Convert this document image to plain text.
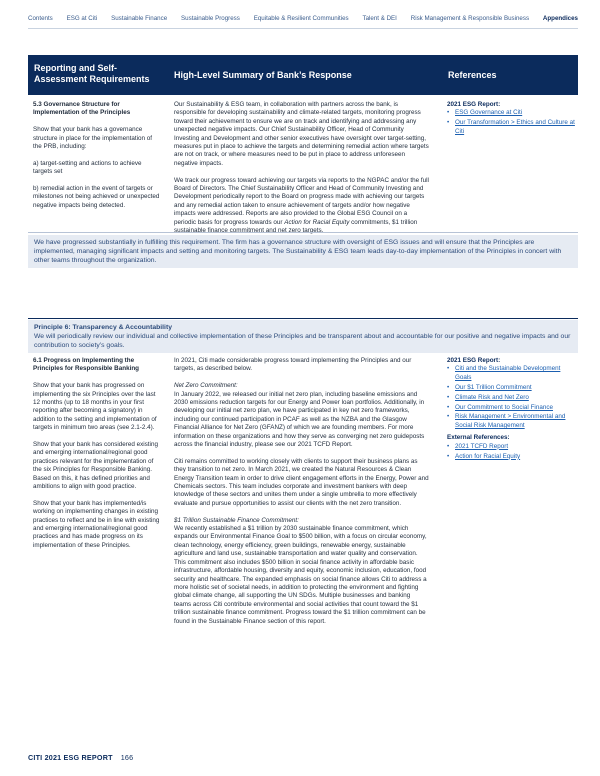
Contents ESG at Citi Sustainable Finance Sustainable Progress Equitable & Resilient Communities Talent & DEI Risk Management & Responsible Business Appendices
Reporting and Self-Assessment Requirements	High-Level Summary of Bank’s Response	References

5.3 Governance Structure for Implementation of the Principles

Show that your bank has a governance structure in place for the implementation of the PRB, including:

a) target-setting and actions to achieve targets set

b) remedial action in the event of targets or milestones not being achieved or unexpected negative impacts being detected.

Our Sustainability & ESG team, in collaboration with partners across the bank, is responsible for developing sustainability and climate-related targets, monitoring progress toward their achievement to ensure we are on track and identifying and addressing any unexpected negative impacts. Our Chief Sustainability Officer, Head of Community Investing and Development and other senior executives have oversight over target-setting, measures put in place to achieve the targets and determining remedial action where targets are not on track, or where measures need to be put in place to address unforeseen negative impacts.

We track our progress toward achieving our targets via reports to the NGPAC and/or the full Board of Directors. The Chief Sustainability Officer and Head of Community Investing and Development periodically report to the Board on progress made with achieving our targets and any remedial action taken to ensure achievement of targets and/or how negative impacts were addressed. Reports are also provided to the Global ESG Council on a periodic basis for progress towards our Action for Racial Equity commitments, $1 trillion sustainable finance commitment and net zero targets.

2021 ESG Report:

• ESG Governance at Citi
• Our Transformation > Ethics and Culture at Citi
We have progressed substantially in fulfilling this requirement. The firm has a governance structure with oversight of ESG issues and will ensure that the Principles are implemented, managing significant impacts and setting and monitoring targets. The Sustainability & ESG team leads day-to-day implementation of the Principles in concert with other teams throughout the organization.

Principle 6: Transparency & Accountability

We will periodically review our individual and collective implementation of these Principles and be transparent about and accountable for our positive and negative impacts and our contribution to society’s goals.

6.1 Progress on Implementing the Principles for Responsible Banking

Show that your bank has progressed on implementing the six Principles over the last 12 months (up to 18 months in your first reporting after becoming a signatory) in addition to the setting and implementation of targets in minimum two areas (see 2.1-2.4).

Show that your bank has considered existing and emerging international/regional good practices relevant for the implementation of the six Principles for Responsible Banking. Based on this, it has defined priorities and ambitions to align with good practice.

Show that your bank has implemented/is working on implementing changes in existing practices to reflect and be in line with existing and emerging international/regional good practices and has made progress on its implementation of these Principles.

In 2021, Citi made considerable progress toward implementing the Principles and our targets, as described below.

Net Zero Commitment:

In January 2022, we released our initial net zero plan, including baseline emissions and 2030 emissions reduction targets for our Energy and Power loan portfolios. Additionally, in developing our initial net zero plan, we have participated in key net zero frameworks, including our continued participation in PCAF as well as the NZBA and the Glasgow Financial Alliance for Net Zero (GFANZ) of which we are founding members. For more information on these organizations and how they serve as converging net zero guideposts across the financial industry, please see our 2021 TCFD Report.

Citi remains committed to working closely with clients to support their business plans as they transition to net zero. In March 2021, we created the Natural Resources & Clean Energy Transition team in order to drive client engagement efforts in the Energy, Power and Chemicals sectors. This team includes corporate and investment bankers with deep knowledge of these sectors and unites them under a single umbrella to more effectively evaluate and pursue opportunities to assist our clients with the net zero transition.

$1 Trillion Sustainable Finance Commitment:

We recently established a $1 trillion by 2030 sustainable finance commitment, which expands our Environmental Finance Goal to $500 billion, with a focus on circular economy, clean technology, energy efficiency, green buildings, renewable energy, sustainable agriculture and land use, sustainable transportation and water quality and conservation. This commitment also includes $500 billion in social finance activity in affordable basic infrastructure, affordable housing, diversity and equity, economic inclusion, education, food security and healthcare. The expanded emphasis on social finance allows Citi to address a more holistic set of societal needs, in addition to protecting the environment and fighting global climate change, all supporting the UN SDGs. Multiple businesses and banking teams across Citi contribute environmental and social activities that count toward the $1 trillion sustainable finance commitment. Progress toward the $1 trillion commitment can be found in the Sustainable Finance section of this report.

2021 ESG Report:

• Citi and the Sustainable Development Goals
• Our $1 Trillion Commitment
• Climate Risk and Net Zero
• Our Commitment to Social Finance
• Risk Management > Environmental and Social Risk Management

External References:

• 2021 TCFD Report
• Action for Racial Equity
CITI 2021 ESG REPORT 166
